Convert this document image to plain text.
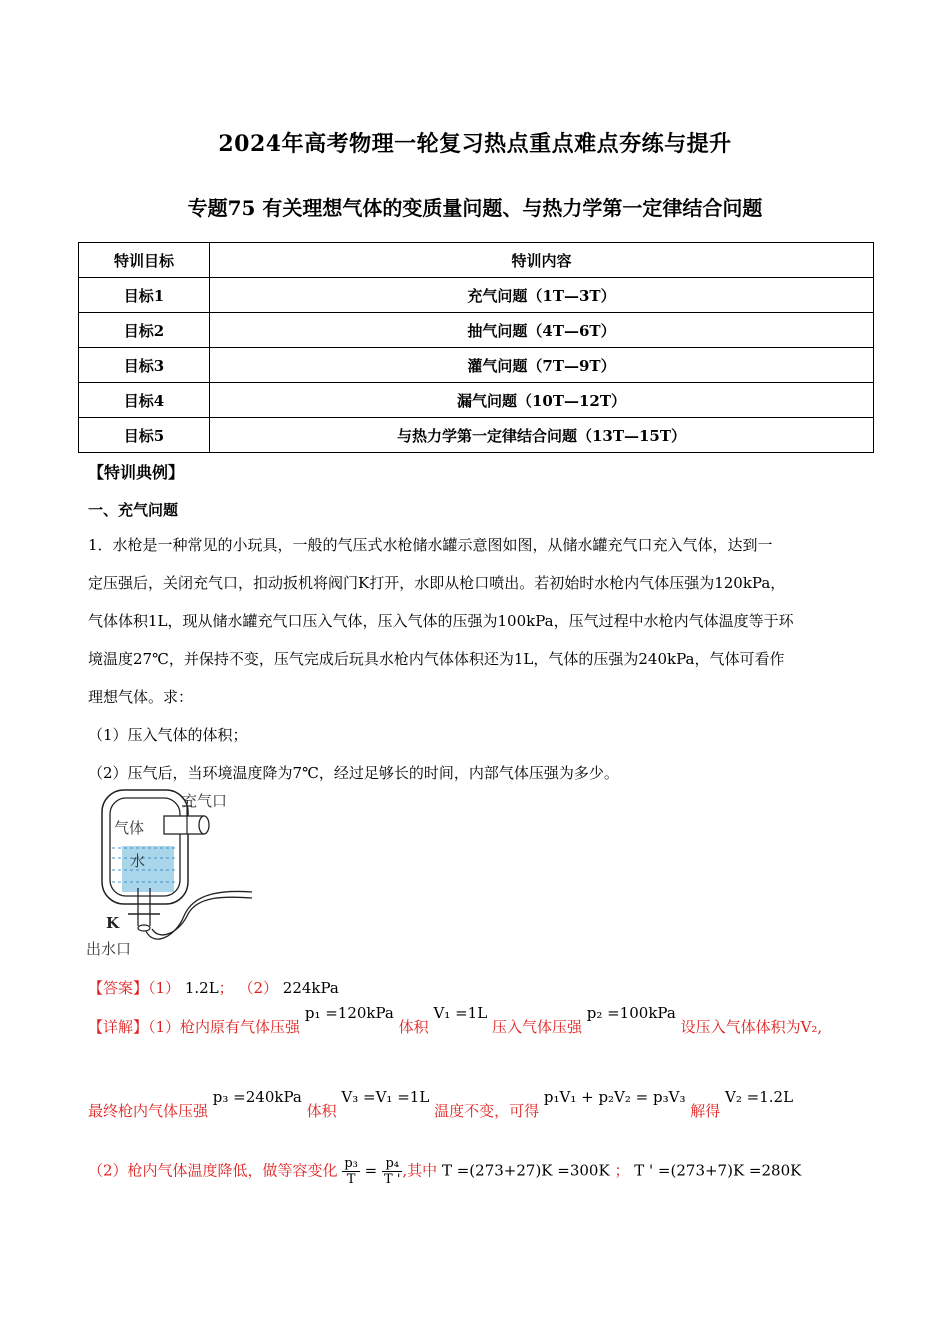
2024年高考物理一轮复习热点重点难点夯练与提升
专题75 有关理想气体的变质量问题、与热力学第一定律结合问题
特训目标	特训内容
目标1	充气问题（1T—3T）
目标2	抽气问题（4T—6T）
目标3	灌气问题（7T—9T）
目标4	漏气问题（10T—12T）
目标5	与热力学第一定律结合问题（13T—15T）
【特训典例】
一、充气问题
1．水枪是一种常见的小玩具，一般的气压式水枪储水罐示意图如图，从储水罐充气口充入气体，达到一
定压强后，关闭充气口，扣动扳机将阀门K打开，水即从枪口喷出。若初始时水枪内气体压强为120kPa，
气体体积1L，现从储水罐充气口压入气体，压入气体的压强为100kPa，压气过程中水枪内气体温度等于环
境温度27℃，并保持不变，压气完成后玩具水枪内气体体积还为1L，气体的压强为240kPa，气体可看作
理想气体。求：
（1）压入气体的体积；
（2）压气后，当环境温度降为7℃，经过足够长的时间，内部气体压强为多少。
充气口
气体
水
K
出水口
【答案】（1） 1.2L； （2） 224kPa
【详解】（1）枪内原有气体压强 p₁ =120kPa 体积 V₁ =1L 压入气体压强 p₂ =100kPa 设压入气体体积为V₂,
最终枪内气体压强 p₃ =240kPa 体积 V₃ =V₁ =1L 温度不变，可得 p₁V₁ + p₂V₂ = p₃V₃ 解得 V₂ =1.2L
（2）枪内气体温度降低，做等容变化 $\frac{\text{p₃}}{T} = \frac{\text{p₄}}{T '}$ ,其中 T =(273+27)K =300K ； T ' =(273+7)K =280K
